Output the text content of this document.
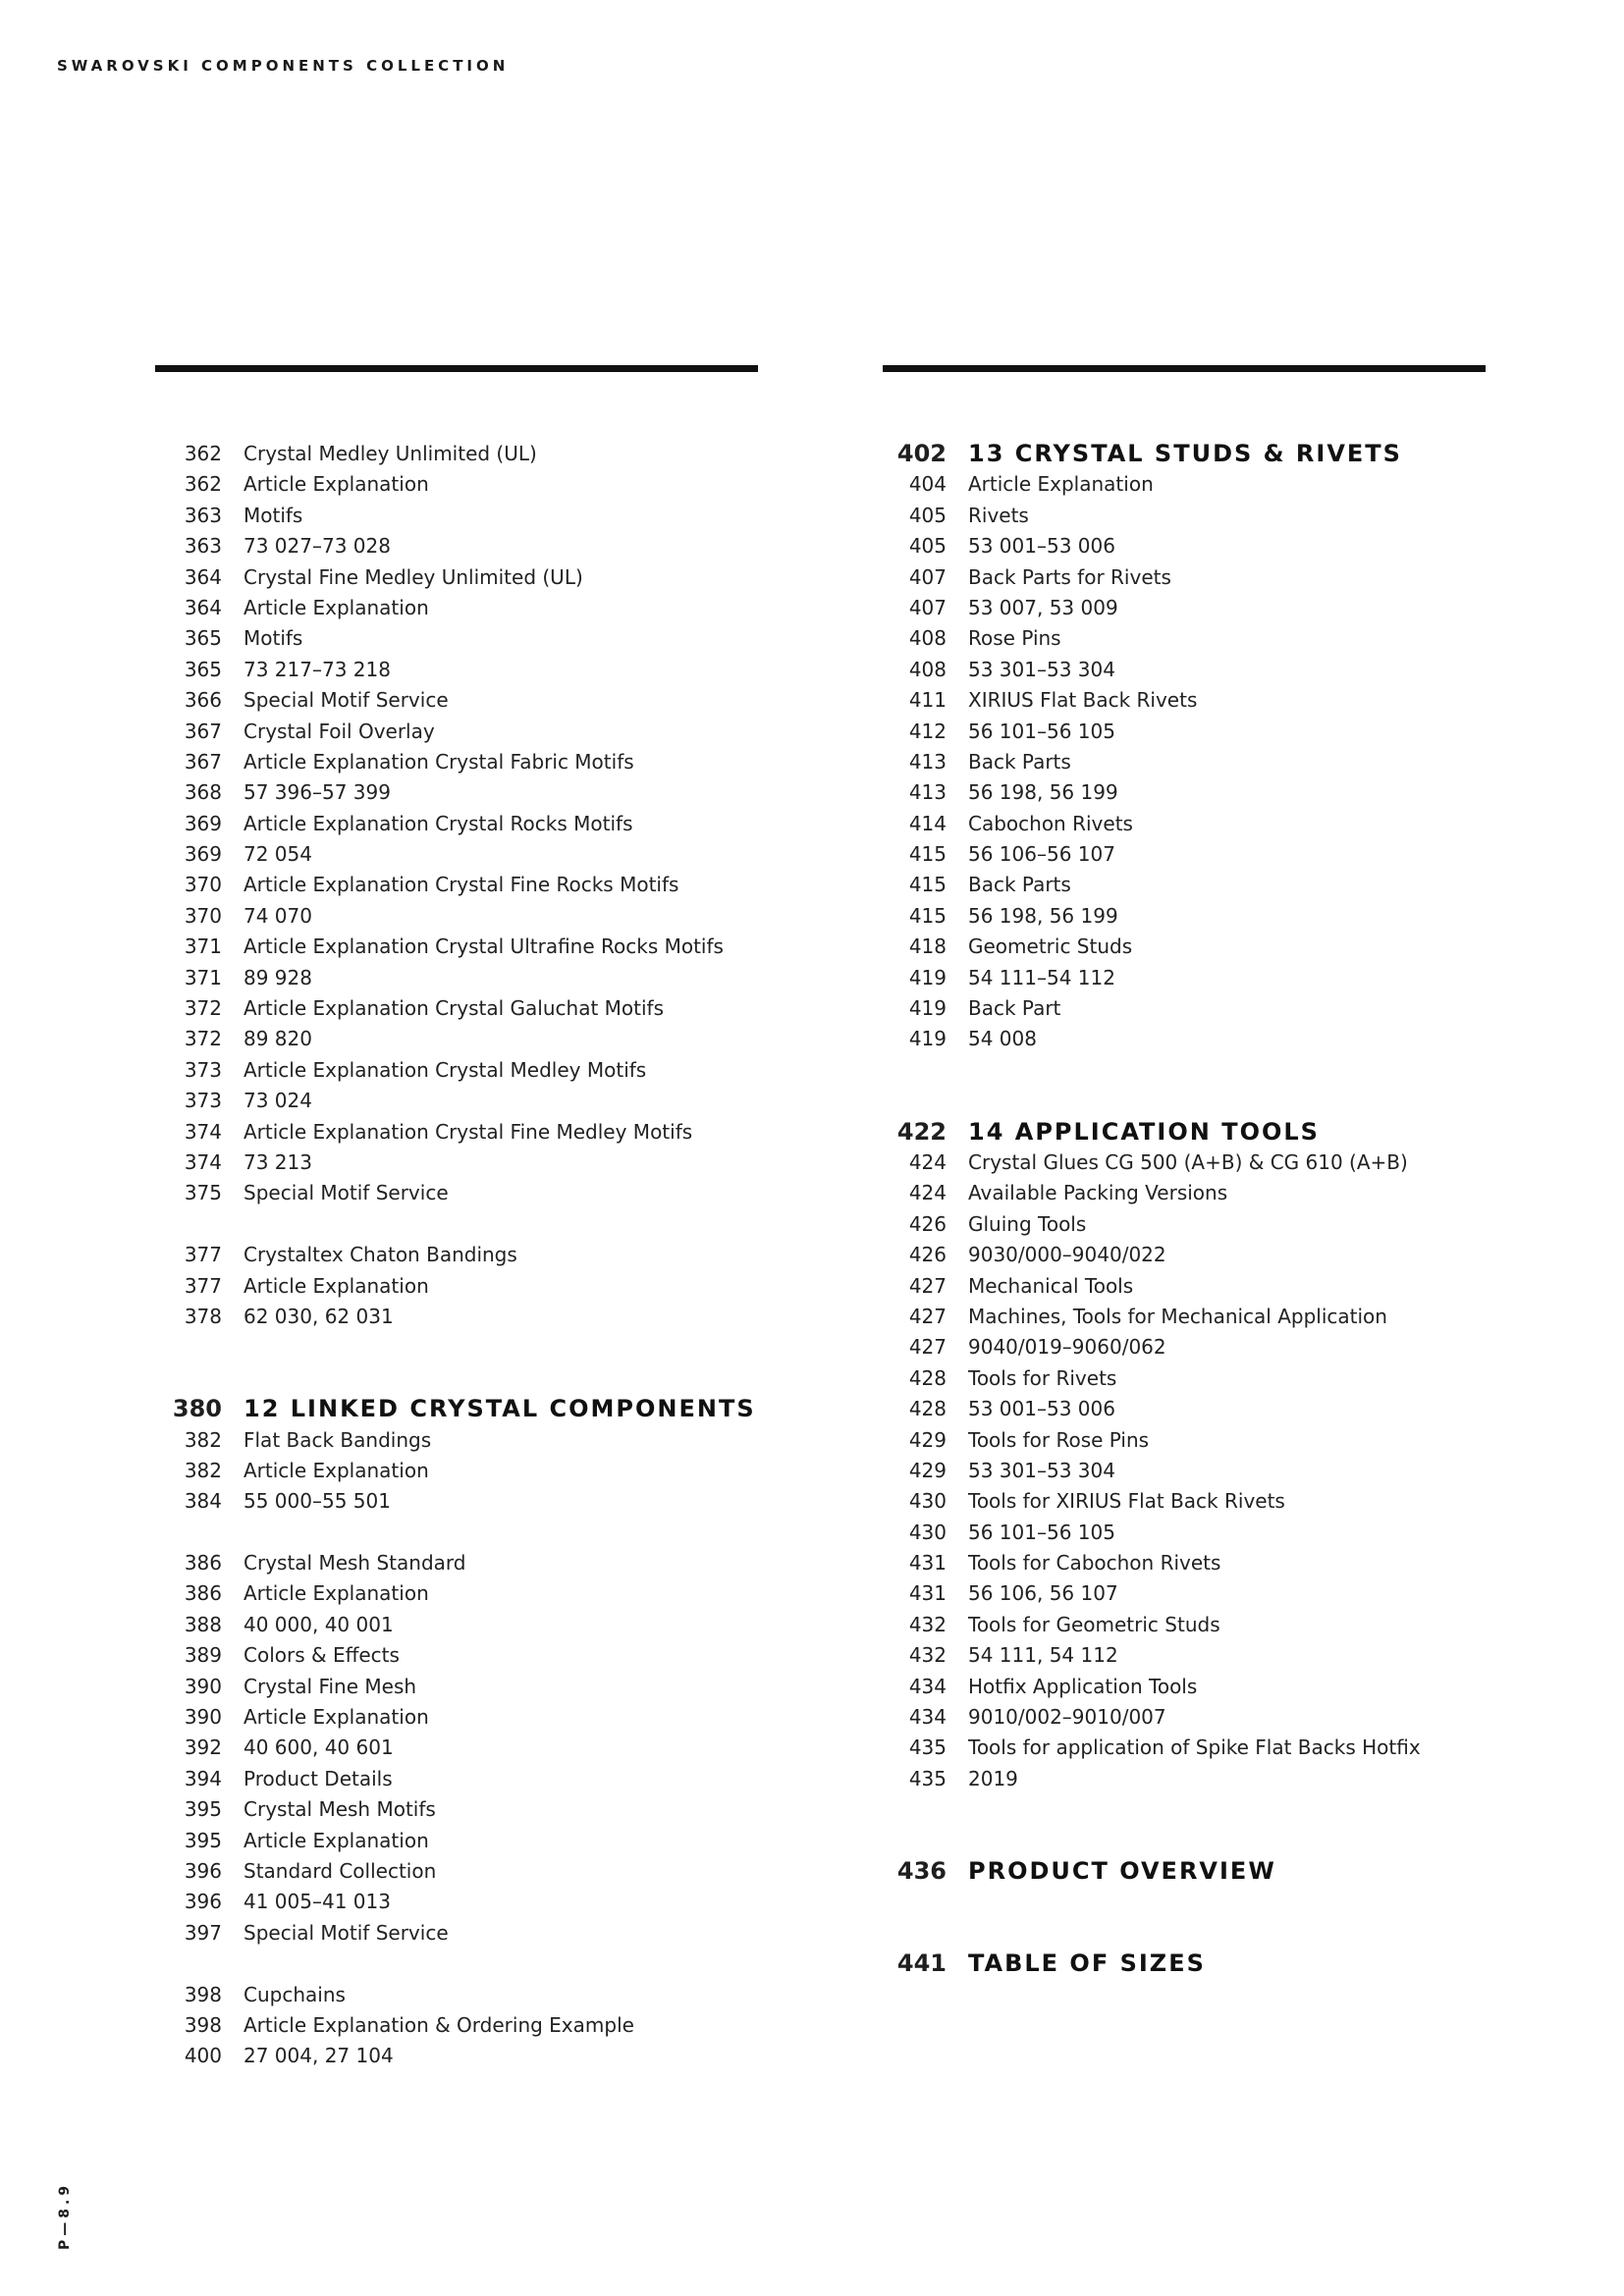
SWAROVSKI COMPONENTS COLLECTION
362	Crystal Medley Unlimited (UL)
362	Article Explanation
363	Motifs
363	73 027–73 028
364	Crystal Fine Medley Unlimited (UL)
364	Article Explanation
365	Motifs
365	73 217–73 218
366	Special Motif Service
367	Crystal Foil Overlay
367	Article Explanation Crystal Fabric Motifs
368	57 396–57 399
369	Article Explanation Crystal Rocks Motifs
369	72 054
370	Article Explanation Crystal Fine Rocks Motifs
370	74 070
371	Article Explanation Crystal Ultrafine Rocks Motifs
371	89 928
372	Article Explanation Crystal Galuchat Motifs
372	89 820
373	Article Explanation Crystal Medley Motifs
373	73 024
374	Article Explanation Crystal Fine Medley Motifs
374	73 213
375	Special Motif Service
377	Crystaltex Chaton Bandings
377	Article Explanation
378	62 030, 62 031
380 12 LINKED CRYSTAL COMPONENTS
382	Flat Back Bandings
382	Article Explanation
384	55 000–55 501
386	Crystal Mesh Standard
386	Article Explanation
388	40 000, 40 001
389	Colors & Effects
390	Crystal Fine Mesh
390	Article Explanation
392	40 600, 40 601
394	Product Details
395	Crystal Mesh Motifs
395	Article Explanation
396	Standard Collection
396	41 005–41 013
397	Special Motif Service
398	Cupchains
398	Article Explanation & Ordering Example
400	27 004, 27 104
402 13 CRYSTAL STUDS & RIVETS
404	Article Explanation
405	Rivets
405	53 001–53 006
407	Back Parts for Rivets
407	53 007, 53 009
408	Rose Pins
408	53 301–53 304
411	XIRIUS Flat Back Rivets
412	56 101–56 105
413	Back Parts
413	56 198, 56 199
414	Cabochon Rivets
415	56 106–56 107
415	Back Parts
415	56 198, 56 199
418	Geometric Studs
419	54 111–54 112
419	Back Part
419	54 008
422 14 APPLICATION TOOLS
424	Crystal Glues CG 500 (A+B) & CG 610 (A+B)
424	Available Packing Versions
426	Gluing Tools
426	9030/000–9040/022
427	Mechanical Tools
427	Machines, Tools for Mechanical Application
427	9040/019–9060/062
428	Tools for Rivets
428	53 001–53 006
429	Tools for Rose Pins
429	53 301–53 304
430	Tools for XIRIUS Flat Back Rivets
430	56 101–56 105
431	Tools for Cabochon Rivets
431	56 106, 56 107
432	Tools for Geometric Studs
432	54 111, 54 112
434	Hotfix Application Tools
434	9010/002–9010/007
435	Tools for application of Spike Flat Backs Hotfix
435	2019
436 PRODUCT OVERVIEW
441 TABLE OF SIZES
P—8.9
